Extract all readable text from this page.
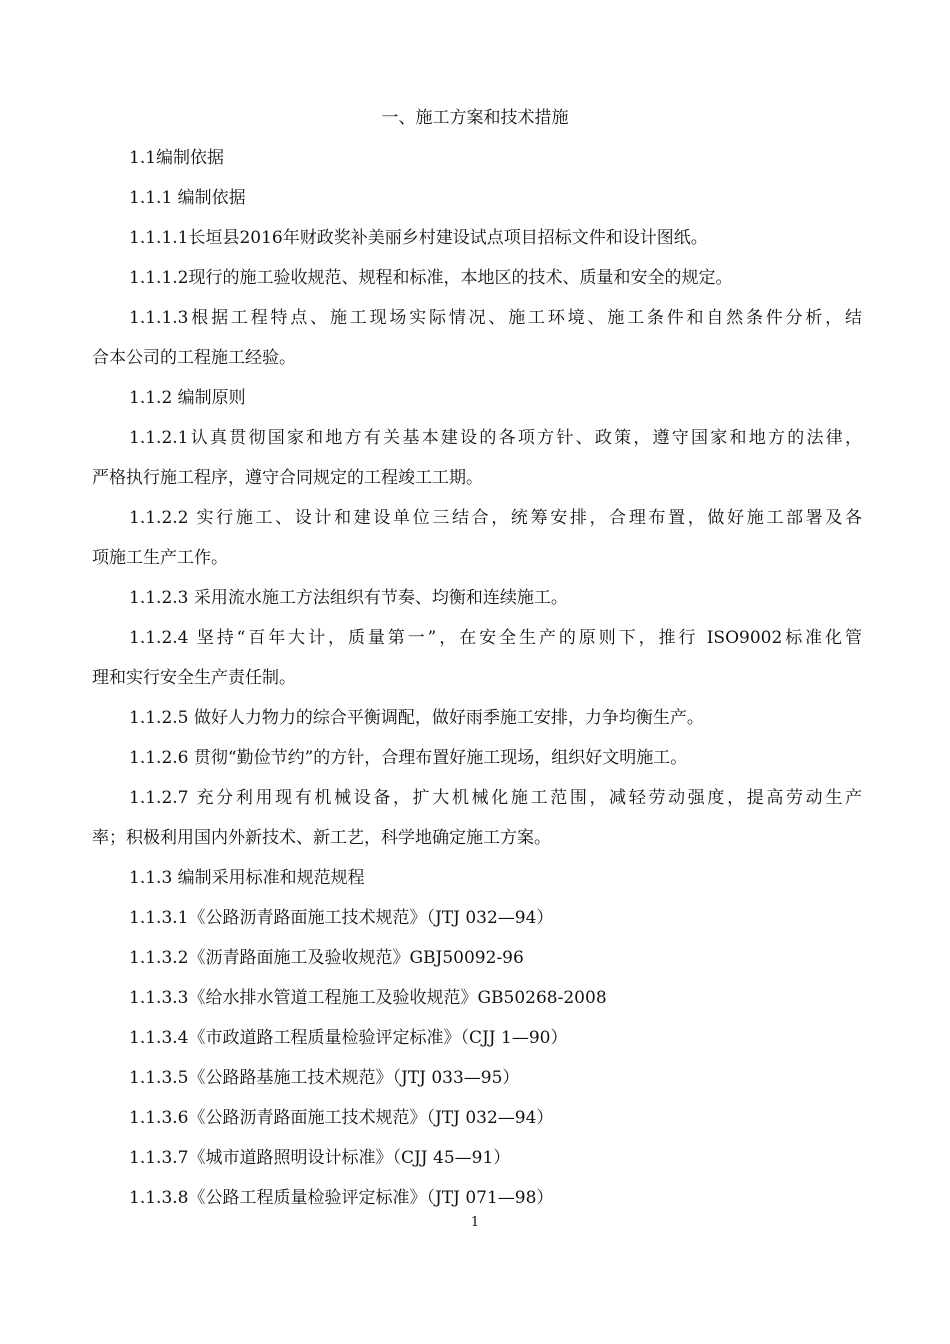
一、施工方案和技术措施
1.1编制依据
1.1.1 编制依据
1.1.1.1长垣县2016年财政奖补美丽乡村建设试点项目招标文件和设计图纸。
1.1.1.2现行的施工验收规范、规程和标准，本地区的技术、质量和安全的规定。
1.1.1.3根据工程特点、施工现场实际情况、施工环境、施工条件和自然条件分析，结
合本公司的工程施工经验。
1.1.2 编制原则
1.1.2.1认真贯彻国家和地方有关基本建设的各项方针、政策，遵守国家和地方的法律，
严格执行施工程序，遵守合同规定的工程竣工工期。
1.1.2.2 实行施工、设计和建设单位三结合，统筹安排，合理布置，做好施工部署及各
项施工生产工作。
1.1.2.3 采用流水施工方法组织有节奏、均衡和连续施工。
1.1.2.4 坚持“百年大计，质量第一”，在安全生产的原则下，推行 ISO9002标准化管
理和实行安全生产责任制。
1.1.2.5 做好人力物力的综合平衡调配，做好雨季施工安排，力争均衡生产。
1.1.2.6 贯彻“勤俭节约”的方针，合理布置好施工现场，组织好文明施工。
1.1.2.7 充分利用现有机械设备，扩大机械化施工范围，减轻劳动强度，提高劳动生产
率；积极利用国内外新技术、新工艺，科学地确定施工方案。
1.1.3 编制采用标准和规范规程
1.1.3.1《公路沥青路面施工技术规范》（JTJ 032—94）
1.1.3.2《沥青路面施工及验收规范》GBJ50092-96
1.1.3.3《给水排水管道工程施工及验收规范》GB50268-2008
1.1.3.4《市政道路工程质量检验评定标准》（CJJ 1—90）
1.1.3.5《公路路基施工技术规范》（JTJ 033—95）
1.1.3.6《公路沥青路面施工技术规范》（JTJ 032—94）
1.1.3.7《城市道路照明设计标准》（CJJ 45—91）
1.1.3.8《公路工程质量检验评定标准》（JTJ 071—98）
1
